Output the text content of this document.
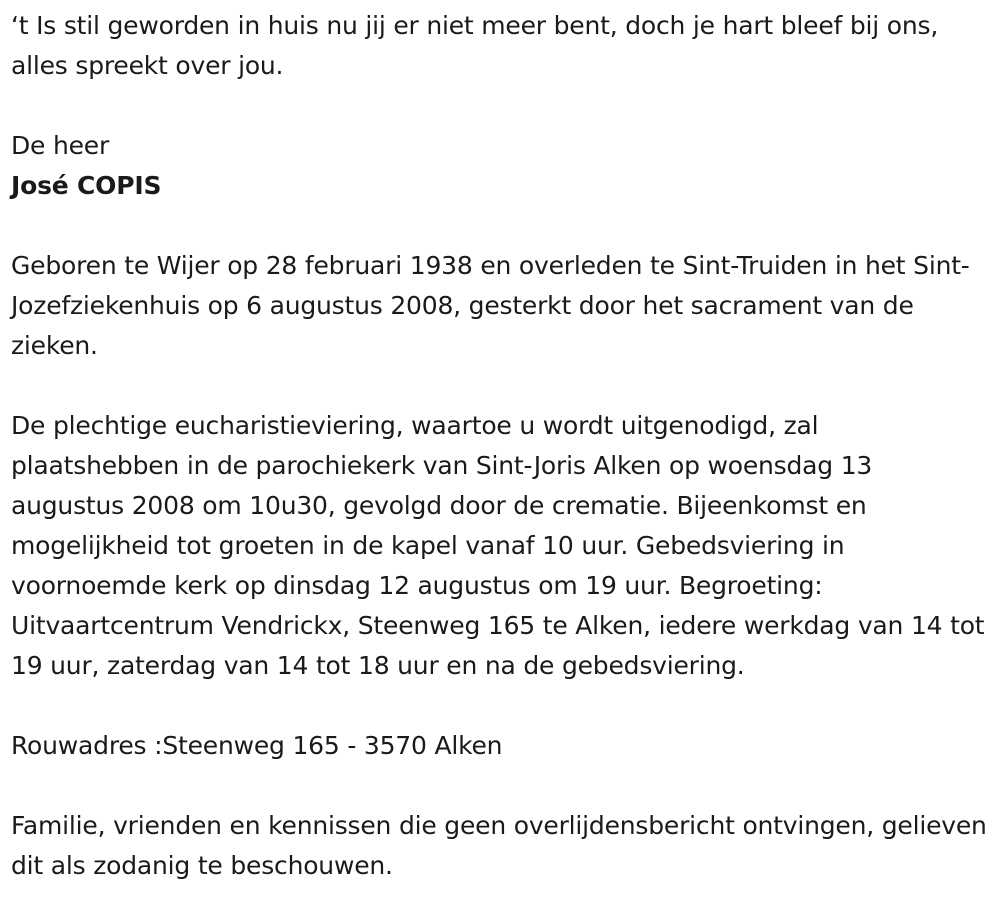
‘t Is stil geworden in huis nu jij er niet meer bent, doch je hart bleef bij ons, alles spreekt over jou.

De heer

José COPIS

Geboren te Wijer op 28 februari 1938 en overleden te Sint-Truiden in het Sint-Jozefziekenhuis op 6 augustus 2008, gesterkt door het sacrament van de zieken.

De plechtige eucharistieviering, waartoe u wordt uitgenodigd, zal plaatshebben in de parochiekerk van Sint-Joris Alken op woensdag 13 augustus 2008 om 10u30, gevolgd door de crematie. Bijeenkomst en mogelijkheid tot groeten in de kapel vanaf 10 uur. Gebedsviering in voornoemde kerk op dinsdag 12 augustus om 19 uur. Begroeting: Uitvaartcentrum Vendrickx, Steenweg 165 te Alken, iedere werkdag van 14 tot 19 uur, zaterdag van 14 tot 18 uur en na de gebedsviering.

Rouwadres :Steenweg 165 - 3570 Alken

Familie, vrienden en kennissen die geen overlijdensbericht ontvingen, gelieven dit als zodanig te beschouwen.
